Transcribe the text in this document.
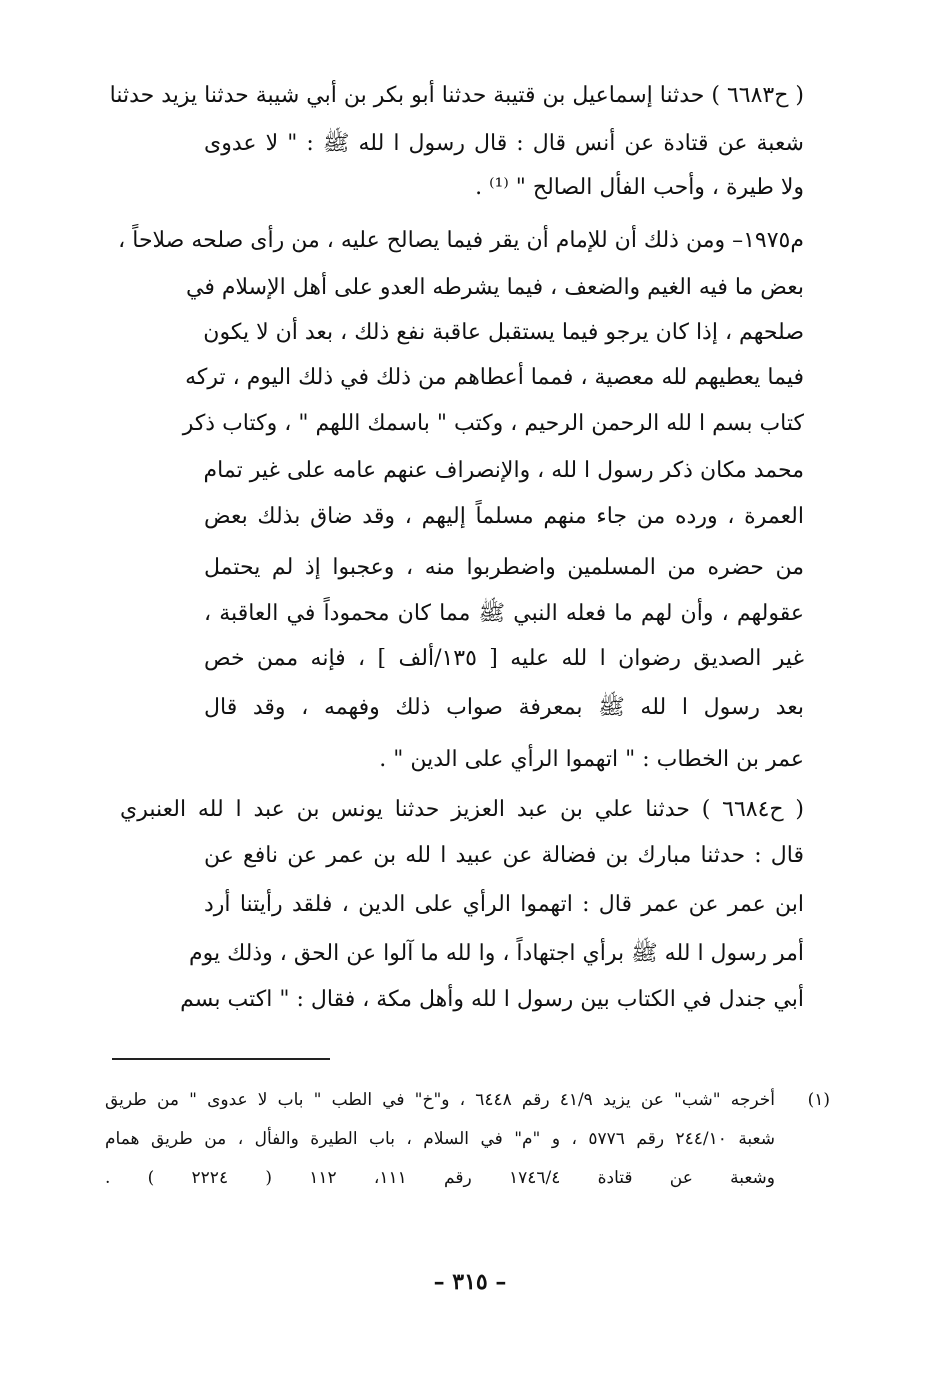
( ح٦٦٨٣ ) حدثنا إسماعيل بن قتيبة حدثنا أبو بكر بن أبي شيبة حدثنا يزيد حدثنا
شعبة عن قتادة عن أنس قال : قال رسول ا لله ﷺ : " لا عدوى
ولا طيرة ، وأحب الفأل الصالح " ⁽¹⁾ .
م١٩٧٥– ومن ذلك أن للإمام أن يقر فيما يصالح عليه ، من رأى صلحه صلاحاً ،
بعض ما فيه الغيم والضعف ، فيما يشرطه العدو على أهل الإسلام في
صلحهم ، إذا كان يرجو فيما يستقبل عاقبة نفع ذلك ، بعد أن لا يكون
فيما يعطيهم لله معصية ، فمما أعطاهم من ذلك في ذلك اليوم ، تركه
كتاب بسم ا لله الرحمن الرحيم ، وكتب " باسمك اللهم " ، وكتاب ذكر
محمد مكان ذكر رسول ا لله ، والإنصراف عنهم عامه على غير تمام
العمرة ، ورده من جاء منهم مسلماً إليهم ، وقد ضاق بذلك بعض
من حضره من المسلمين واضطربوا منه ، وعجبوا إذ لم يحتمل
عقولهم ، وأن لهم ما فعله النبي ﷺ مما كان محموداً في العاقبة ،
غير الصديق رضوان ا لله عليه [ ١٣٥/ألف ] ، فإنه ممن خص
بعد رسول ا لله ﷺ بمعرفة صواب ذلك وفهمه ، وقد قال
عمر بن الخطاب : " اتهموا الرأي على الدين " .
( ح٦٦٨٤ ) حدثنا علي بن عبد العزيز حدثنا يونس بن عبد ا لله العنبري
قال : حدثنا مبارك بن فضالة عن عبيد ا لله بن عمر عن نافع عن
ابن عمر عن عمر قال : اتهموا الرأي على الدين ، فلقد رأيتنا أرد
أمر رسول ا لله ﷺ برأي اجتهاداً ، وا لله ما آلوا عن الحق ، وذلك يوم
أبي جندل في الكتاب بين رسول ا لله وأهل مكة ، فقال : " اكتب بسم
(١)
أخرجه "شب" عن يزيد ٤١/٩ رقم ٦٤٤٨ ، و"خ" في الطب " باب لا عدوى " من طريق
شعبة ٢٤٤/١٠ رقم ٥٧٧٦ ، و "م" في السلام ، باب الطيرة والفأل ، من طريق همام
وشعبة عن قتادة ١٧٤٦/٤ رقم ١١١، ١١٢ ( ٢٢٢٤ ) .
– ٣١٥ –
